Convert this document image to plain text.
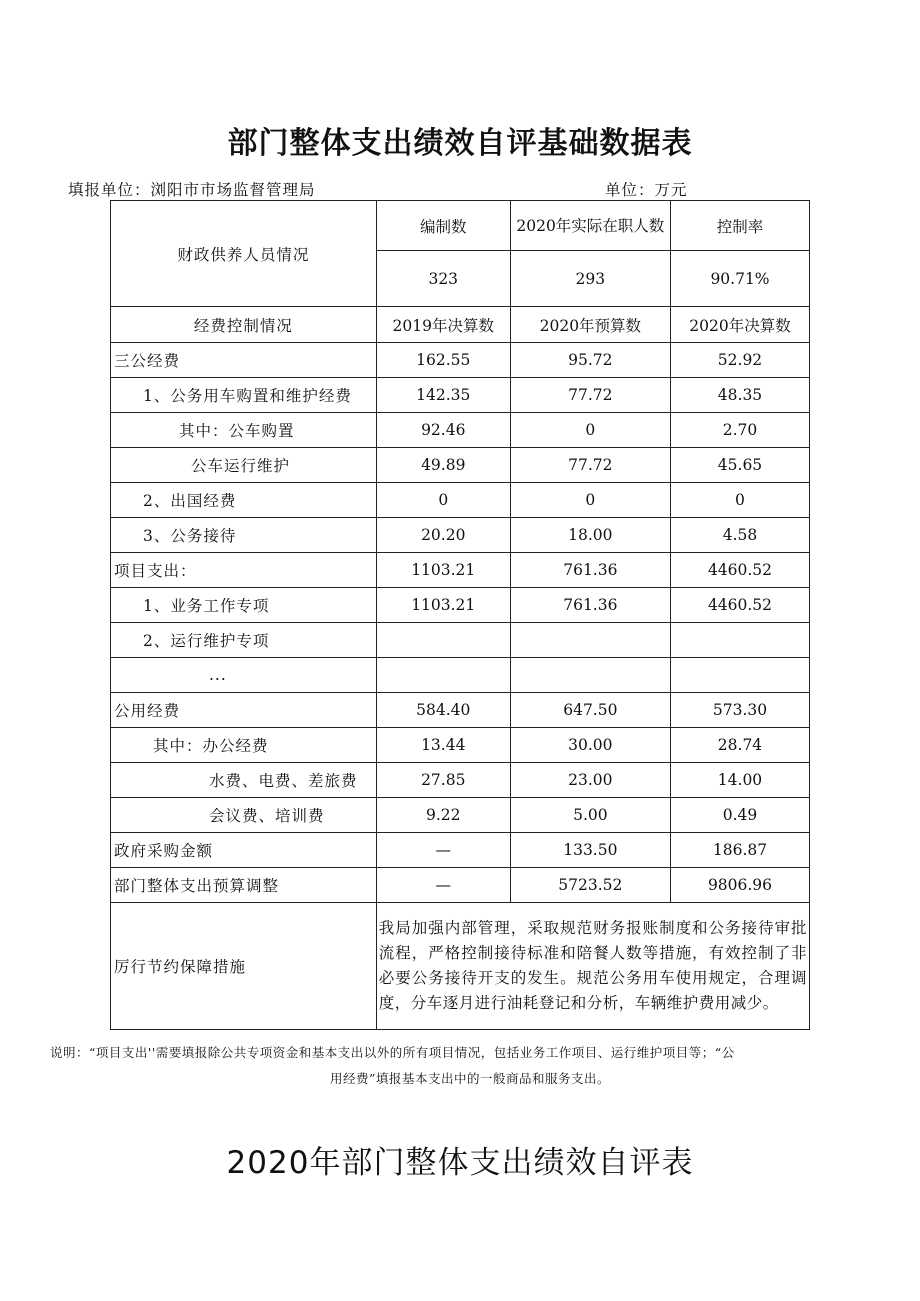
部门整体支出绩效自评基础数据表
填报单位：浏阳市市场监督管理局	单位：万元
财政供养人员情况	编制数	2020年实际在职人数	控制率
	323	293	90.71%
经费控制情况	2019年决算数	2020年预算数	2020年决算数
三公经费	162.55	95.72	52.92
1、公务用车购置和维护经费	142.35	77.72	48.35
其中：公车购置	92.46	0	2.70
公车运行维护	49.89	77.72	45.65
2、出国经费	0	0	0
3、公务接待	20.20	18.00	4.58
项目支出：	1103.21	761.36	4460.52
1、业务工作专项	1103.21	761.36	4460.52
2、运行维护专项			
...			
公用经费	584.40	647.50	573.30
其中：办公经费	13.44	30.00	28.74
水费、电费、差旅费	27.85	23.00	14.00
会议费、培训费	9.22	5.00	0.49
政府采购金额	—	133.50	186.87
部门整体支出预算调整	—	5723.52	9806.96
厉行节约保障措施	我局加强内部管理，采取规范财务报账制度和公务接待审批流程，严格控制接待标准和陪餐人数等措施，有效控制了非必要公务接待开支的发生。规范公务用车使用规定，合理调度，分车逐月进行油耗登记和分析，车辆维护费用减少。		
说明：“项目支出''需要填报除公共专项资金和基本支出以外的所有项目情况，包括业务工作项目、运行维护项目等；“公
用经费”填报基本支出中的一般商品和服务支出。
2020年部门整体支出绩效自评表
